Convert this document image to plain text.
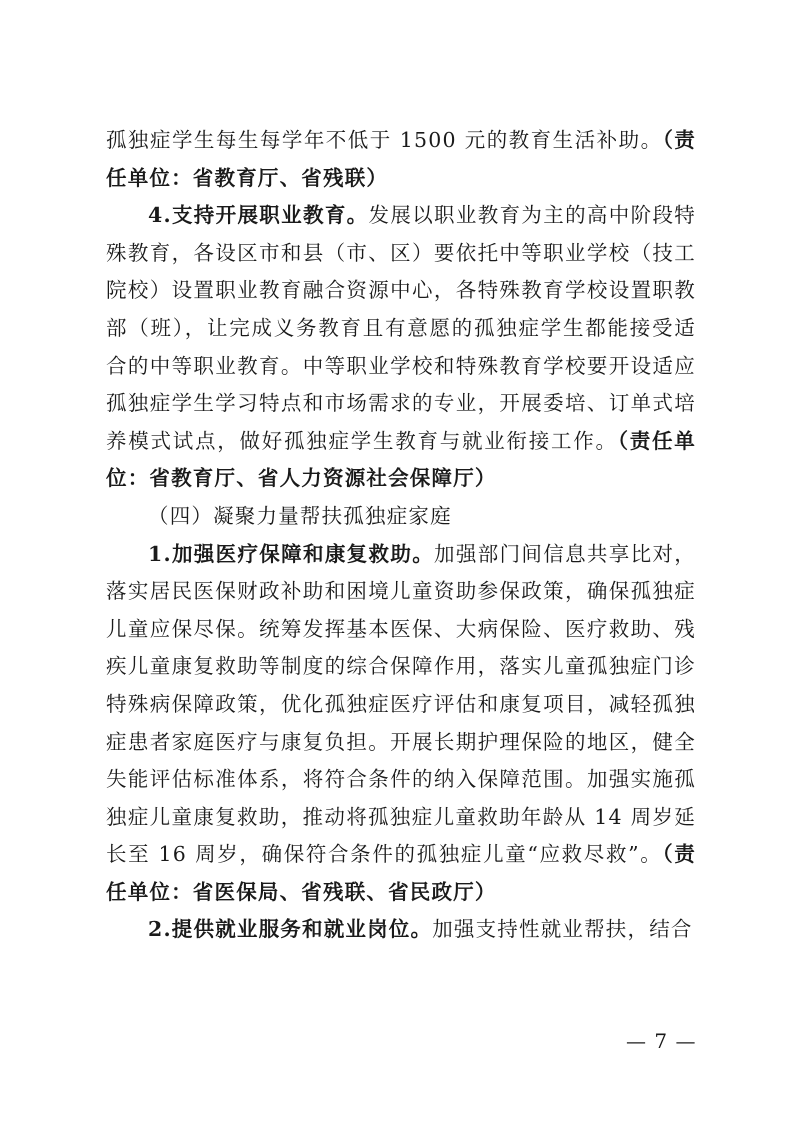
孤独症学生每生每学年不低于 1500 元的教育生活补助。（责任单位：省教育厅、省残联）

4.支持开展职业教育。发展以职业教育为主的高中阶段特殊教育，各设区市和县（市、区）要依托中等职业学校（技工院校）设置职业教育融合资源中心，各特殊教育学校设置职教部（班），让完成义务教育且有意愿的孤独症学生都能接受适合的中等职业教育。中等职业学校和特殊教育学校要开设适应孤独症学生学习特点和市场需求的专业，开展委培、订单式培养模式试点，做好孤独症学生教育与就业衔接工作。（责任单位：省教育厅、省人力资源社会保障厅）

（四）凝聚力量帮扶孤独症家庭

1.加强医疗保障和康复救助。加强部门间信息共享比对，落实居民医保财政补助和困境儿童资助参保政策，确保孤独症儿童应保尽保。统筹发挥基本医保、大病保险、医疗救助、残疾儿童康复救助等制度的综合保障作用，落实儿童孤独症门诊特殊病保障政策，优化孤独症医疗评估和康复项目，减轻孤独症患者家庭医疗与康复负担。开展长期护理保险的地区，健全失能评估标准体系，将符合条件的纳入保障范围。加强实施孤独症儿童康复救助，推动将孤独症儿童救助年龄从 14 周岁延长至 16 周岁，确保符合条件的孤独症儿童“应救尽救”。（责任单位：省医保局、省残联、省民政厅）

2.提供就业服务和就业岗位。加强支持性就业帮扶，结合

— 7 —
